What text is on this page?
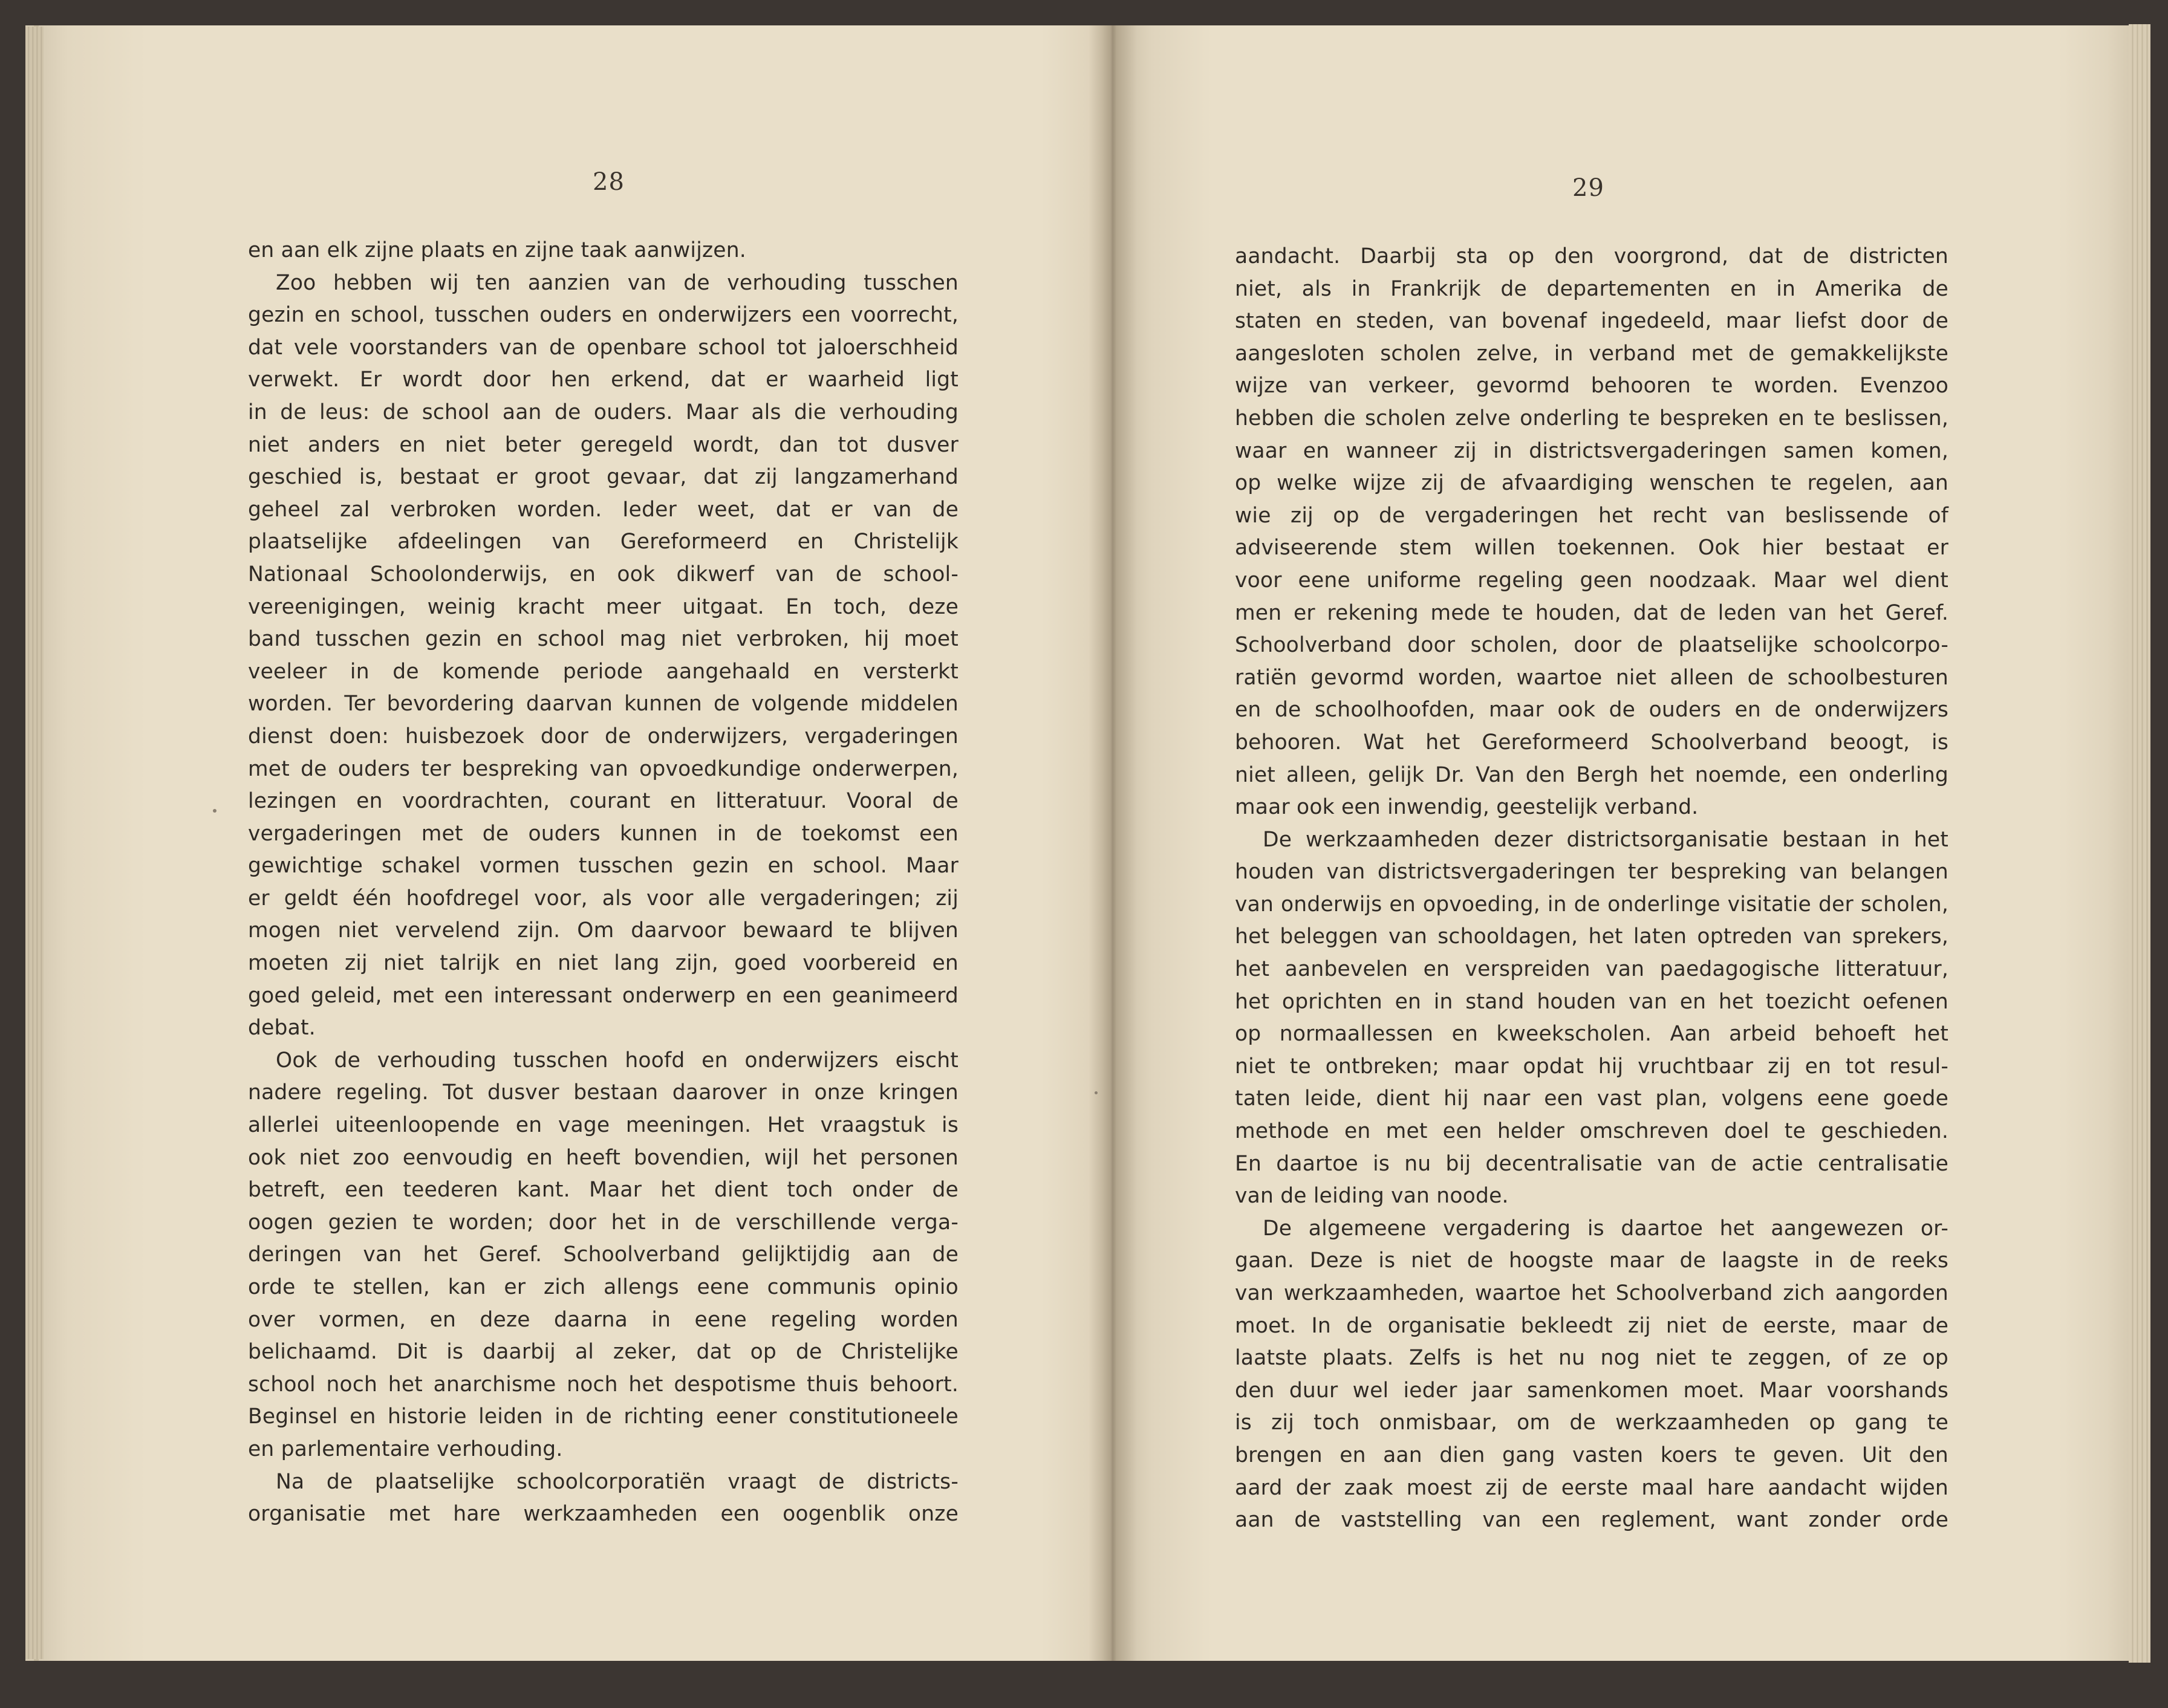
28	29
en aan elk zijne plaats en zijne taak aanwijzen.
Zoo hebben wij ten aanzien van de verhouding tusschen
gezin en school, tusschen ouders en onderwijzers een voorrecht,
dat vele voorstanders van de openbare school tot jaloerschheid
verwekt. Er wordt door hen erkend, dat er waarheid ligt
in de leus: de school aan de ouders. Maar als die verhouding
niet anders en niet beter geregeld wordt, dan tot dusver
geschied is, bestaat er groot gevaar, dat zij langzamerhand
geheel zal verbroken worden. Ieder weet, dat er van de
plaatselijke afdeelingen van Gereformeerd en Christelijk
Nationaal Schoolonderwijs, en ook dikwerf van de school-
vereenigingen, weinig kracht meer uitgaat. En toch, deze
band tusschen gezin en school mag niet verbroken, hij moet
veeleer in de komende periode aangehaald en versterkt
worden. Ter bevordering daarvan kunnen de volgende middelen
dienst doen: huisbezoek door de onderwijzers, vergaderingen
met de ouders ter bespreking van opvoedkundige onderwerpen,
lezingen en voordrachten, courant en litteratuur. Vooral de
vergaderingen met de ouders kunnen in de toekomst een
gewichtige schakel vormen tusschen gezin en school. Maar
er geldt één hoofdregel voor, als voor alle vergaderingen; zij
mogen niet vervelend zijn. Om daarvoor bewaard te blijven
moeten zij niet talrijk en niet lang zijn, goed voorbereid en
goed geleid, met een interessant onderwerp en een geanimeerd
debat.
Ook de verhouding tusschen hoofd en onderwijzers eischt
nadere regeling. Tot dusver bestaan daarover in onze kringen
allerlei uiteenloopende en vage meeningen. Het vraagstuk is
ook niet zoo eenvoudig en heeft bovendien, wijl het personen
betreft, een teederen kant. Maar het dient toch onder de
oogen gezien te worden; door het in de verschillende verga-
deringen van het Geref. Schoolverband gelijktijdig aan de
orde te stellen, kan er zich allengs eene communis opinio
over vormen, en deze daarna in eene regeling worden
belichaamd. Dit is daarbij al zeker, dat op de Christelijke
school noch het anarchisme noch het despotisme thuis behoort.
Beginsel en historie leiden in de richting eener constitutioneele
en parlementaire verhouding.
Na de plaatselijke schoolcorporatiën vraagt de districts-
organisatie met hare werkzaamheden een oogenblik onze
aandacht. Daarbij sta op den voorgrond, dat de districten
niet, als in Frankrijk de departementen en in Amerika de
staten en steden, van bovenaf ingedeeld, maar liefst door de
aangesloten scholen zelve, in verband met de gemakkelijkste
wijze van verkeer, gevormd behooren te worden. Evenzoo
hebben die scholen zelve onderling te bespreken en te beslissen,
waar en wanneer zij in districtsvergaderingen samen komen,
op welke wijze zij de afvaardiging wenschen te regelen, aan
wie zij op de vergaderingen het recht van beslissende of
adviseerende stem willen toekennen. Ook hier bestaat er
voor eene uniforme regeling geen noodzaak. Maar wel dient
men er rekening mede te houden, dat de leden van het Geref.
Schoolverband door scholen, door de plaatselijke schoolcorpo-
ratiën gevormd worden, waartoe niet alleen de schoolbesturen
en de schoolhoofden, maar ook de ouders en de onderwijzers
behooren. Wat het Gereformeerd Schoolverband beoogt, is
niet alleen, gelijk Dr. Van den Bergh het noemde, een onderling
maar ook een inwendig, geestelijk verband.
De werkzaamheden dezer districtsorganisatie bestaan in het
houden van districtsvergaderingen ter bespreking van belangen
van onderwijs en opvoeding, in de onderlinge visitatie der scholen,
het beleggen van schooldagen, het laten optreden van sprekers,
het aanbevelen en verspreiden van paedagogische litteratuur,
het oprichten en in stand houden van en het toezicht oefenen
op normaallessen en kweekscholen. Aan arbeid behoeft het
niet te ontbreken; maar opdat hij vruchtbaar zij en tot resul-
taten leide, dient hij naar een vast plan, volgens eene goede
methode en met een helder omschreven doel te geschieden.
En daartoe is nu bij decentralisatie van de actie centralisatie
van de leiding van noode.
De algemeene vergadering is daartoe het aangewezen or-
gaan. Deze is niet de hoogste maar de laagste in de reeks
van werkzaamheden, waartoe het Schoolverband zich aangorden
moet. In de organisatie bekleedt zij niet de eerste, maar de
laatste plaats. Zelfs is het nu nog niet te zeggen, of ze op
den duur wel ieder jaar samenkomen moet. Maar voorshands
is zij toch onmisbaar, om de werkzaamheden op gang te
brengen en aan dien gang vasten koers te geven. Uit den
aard der zaak moest zij de eerste maal hare aandacht wijden
aan de vaststelling van een reglement, want zonder orde
